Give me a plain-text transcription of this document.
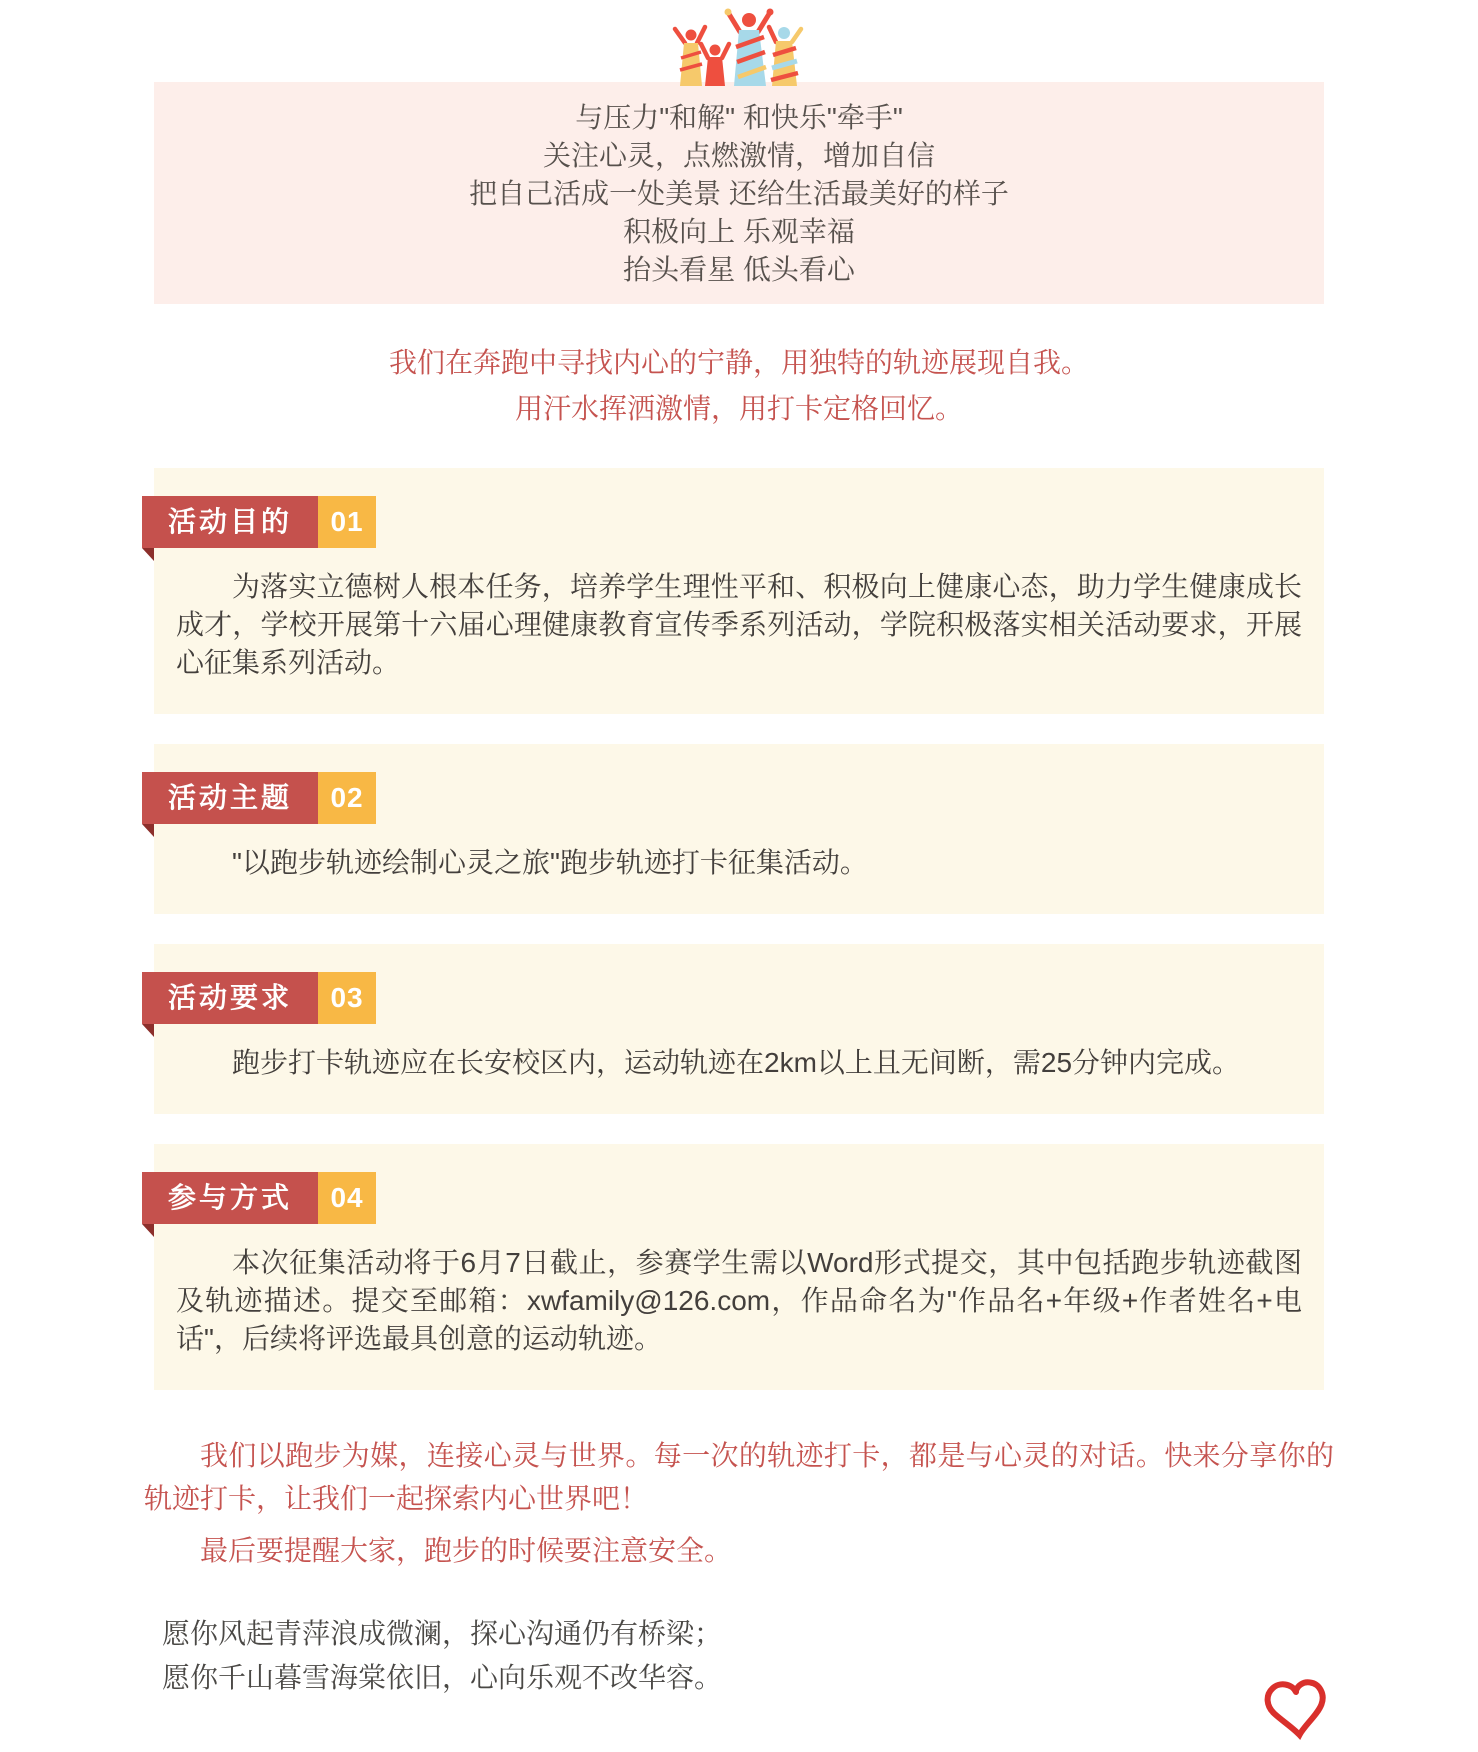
与压力"和解" 和快乐"牵手"
关注心灵，点燃激情，增加自信
把自己活成一处美景 还给生活最美好的样子
积极向上 乐观幸福
抬头看星 低头看心
我们在奔跑中寻找内心的宁静，用独特的轨迹展现自我。
用汗水挥洒激情，用打卡定格回忆。
活动目的	01

为落实立德树人根本任务，培养学生理性平和、积极向上健康心态，助力学生健康成长成才，学校开展第十六届心理健康教育宣传季系列活动，学院积极落实相关活动要求，开展心征集系列活动。

活动主题	02

"以跑步轨迹绘制心灵之旅"跑步轨迹打卡征集活动。

活动要求	03

跑步打卡轨迹应在长安校区内，运动轨迹在2km以上且无间断，需25分钟内完成。

参与方式	04

本次征集活动将于6月7日截止，参赛学生需以Word形式提交，其中包括跑步轨迹截图及轨迹描述。提交至邮箱：xwfamily@126.com，作品命名为"作品名+年级+作者姓名+电话"，后续将评选最具创意的运动轨迹。

我们以跑步为媒，连接心灵与世界。每一次的轨迹打卡，都是与心灵的对话。快来分享你的轨迹打卡，让我们一起探索内心世界吧！

最后要提醒大家，跑步的时候要注意安全。

愿你风起青萍浪成微澜，探心沟通仍有桥梁；

愿你千山暮雪海棠依旧，心向乐观不改华容。
